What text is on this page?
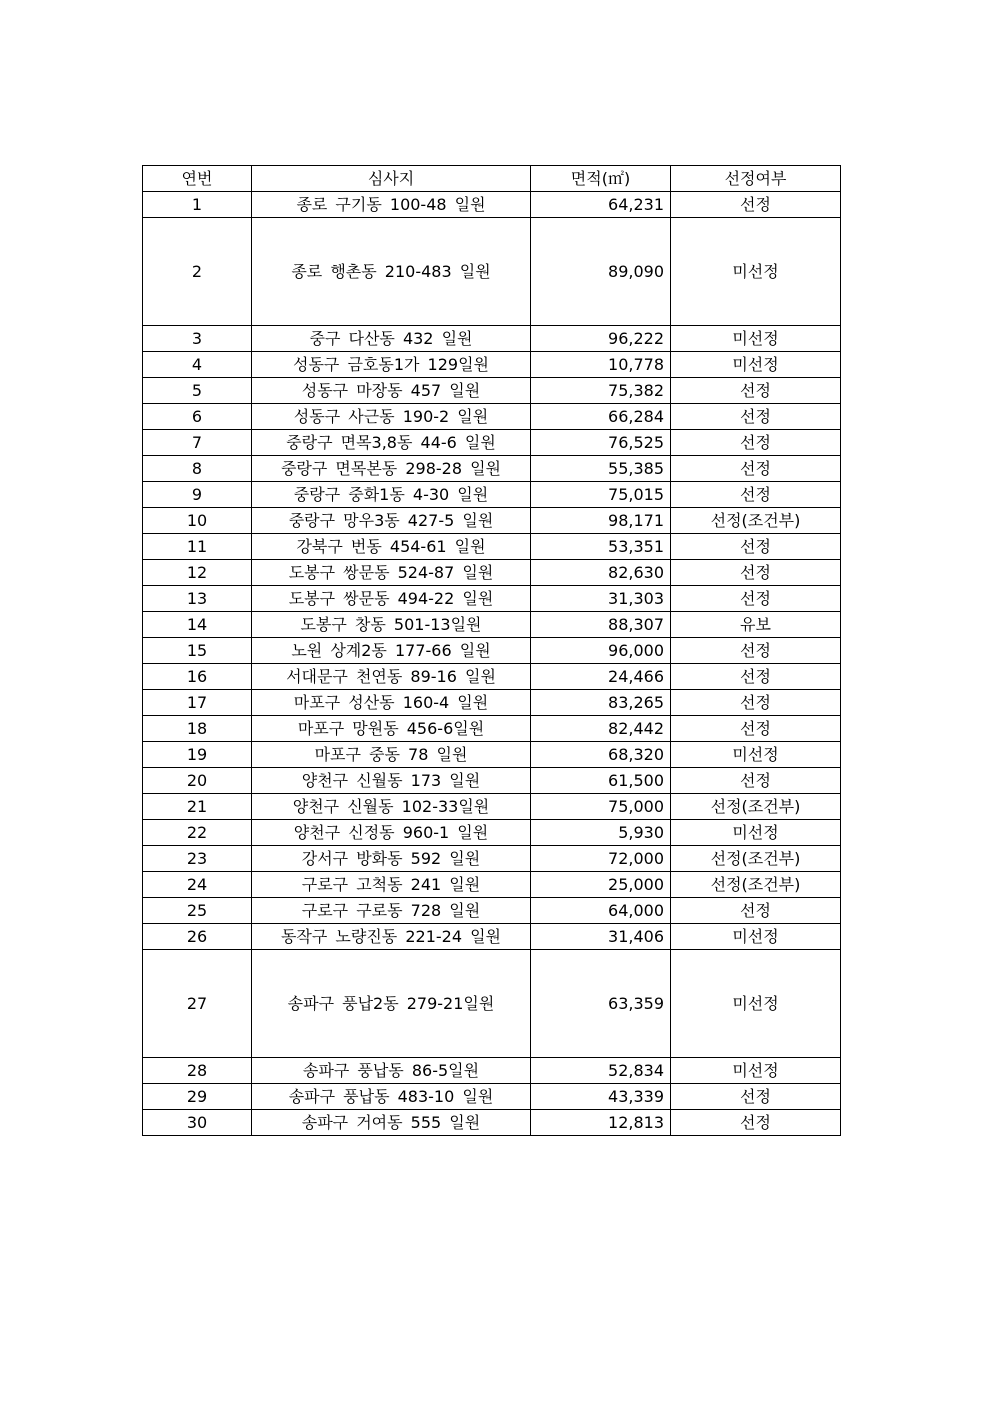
연번	심사지	면적(㎡)	선정여부
1	종로 구기동 100-48 일원	64,231	선정
2	종로 행촌동 210-483 일원	89,090	미선정
3	중구 다산동 432 일원	96,222	미선정
4	성동구 금호동1가 129일원	10,778	미선정
5	성동구 마장동 457 일원	75,382	선정
6	성동구 사근동 190-2 일원	66,284	선정
7	중랑구 면목3,8동 44-6 일원	76,525	선정
8	중랑구 면목본동 298-28 일원	55,385	선정
9	중랑구 중화1동 4-30 일원	75,015	선정
10	중랑구 망우3동 427-5 일원	98,171	선정(조건부)
11	강북구 번동 454-61 일원	53,351	선정
12	도봉구 쌍문동 524-87 일원	82,630	선정
13	도봉구 쌍문동 494-22 일원	31,303	선정
14	도봉구 창동 501-13일원	88,307	유보
15	노원 상계2동 177-66 일원	96,000	선정
16	서대문구 천연동 89-16 일원	24,466	선정
17	마포구 성산동 160-4 일원	83,265	선정
18	마포구 망원동 456-6일원	82,442	선정
19	마포구 중동 78 일원	68,320	미선정
20	양천구 신월동 173 일원	61,500	선정
21	양천구 신월동 102-33일원	75,000	선정(조건부)
22	양천구 신정동 960-1 일원	5,930	미선정
23	강서구 방화동 592 일원	72,000	선정(조건부)
24	구로구 고척동 241 일원	25,000	선정(조건부)
25	구로구 구로동 728 일원	64,000	선정
26	동작구 노량진동 221-24 일원	31,406	미선정
27	송파구 풍납2동 279-21일원	63,359	미선정
28	송파구 풍납동 86-5일원	52,834	미선정
29	송파구 풍납동 483-10 일원	43,339	선정
30	송파구 거여동 555 일원	12,813	선정
